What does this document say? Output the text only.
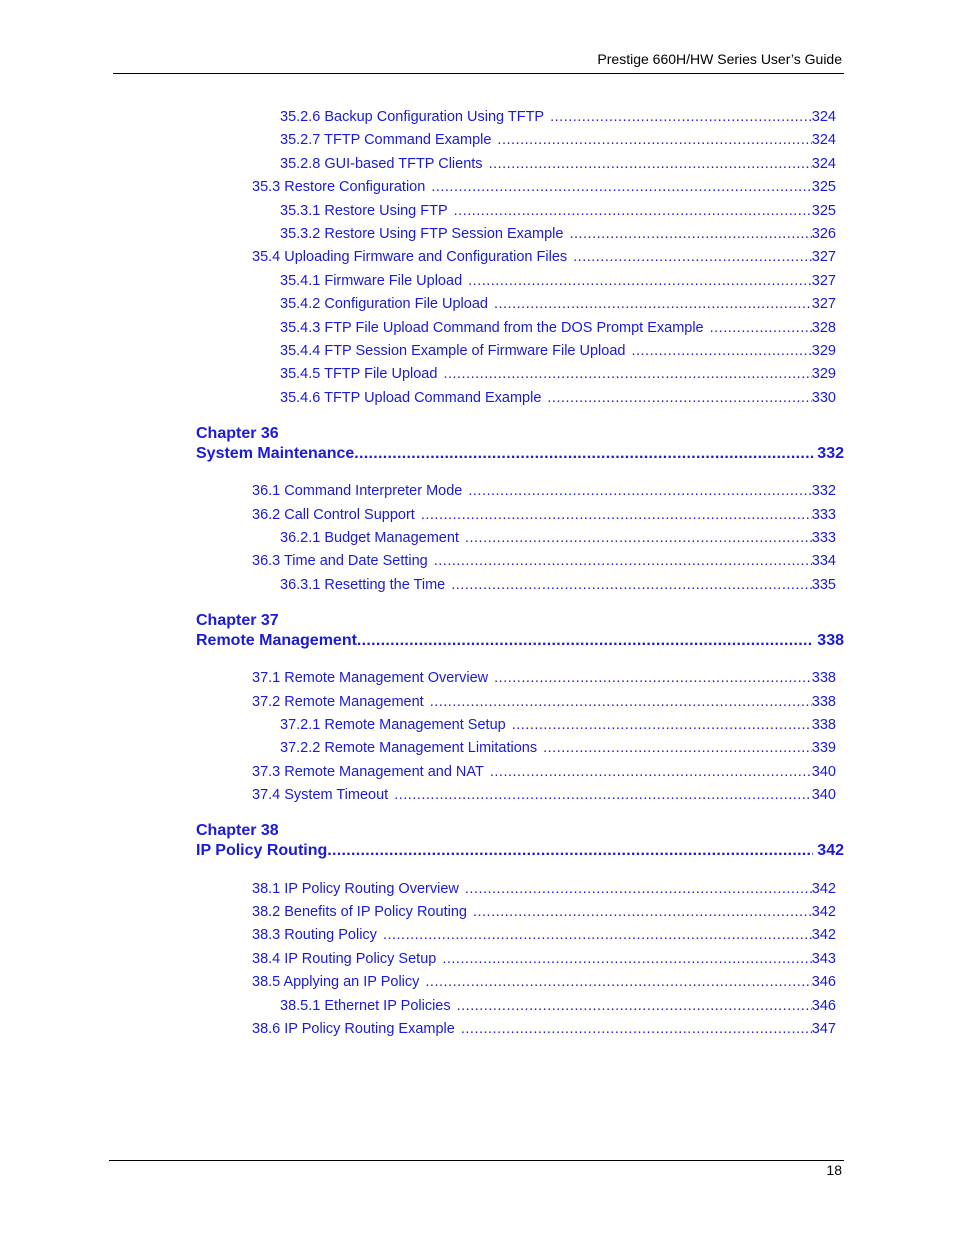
Prestige 660H/HW Series User’s Guide
35.2.6 Backup Configuration Using TFTP .....	324
35.2.7 TFTP Command Example .....	324
35.2.8 GUI-based TFTP Clients .....	324
35.3 Restore Configuration .....	325
35.3.1 Restore Using FTP .....	325
35.3.2 Restore Using FTP Session Example .....	326
35.4 Uploading Firmware and Configuration Files .....	327
35.4.1 Firmware File Upload .....	327
35.4.2 Configuration File Upload .....	327
35.4.3 FTP File Upload Command from the DOS Prompt Example .....	328
35.4.4 FTP Session Example of Firmware File Upload .....	329
35.4.5 TFTP File Upload .....	329
35.4.6 TFTP Upload Command Example .....	330
Chapter 36
System Maintenance .....	332
36.1 Command Interpreter Mode .....	332
36.2 Call Control Support .....	333
36.2.1 Budget Management .....	333
36.3 Time and Date Setting .....	334
36.3.1 Resetting the Time .....	335
Chapter 37
Remote Management .....	338
37.1 Remote Management Overview .....	338
37.2 Remote Management .....	338
37.2.1 Remote Management Setup .....	338
37.2.2 Remote Management Limitations .....	339
37.3 Remote Management and NAT .....	340
37.4 System Timeout .....	340
Chapter 38
IP Policy Routing .....	342
38.1 IP Policy Routing Overview .....	342
38.2 Benefits of IP Policy Routing .....	342
38.3 Routing Policy .....	342
38.4 IP Routing Policy Setup .....	343
38.5 Applying an IP Policy .....	346
38.5.1 Ethernet IP Policies .....	346
38.6 IP Policy Routing Example .....	347
18
